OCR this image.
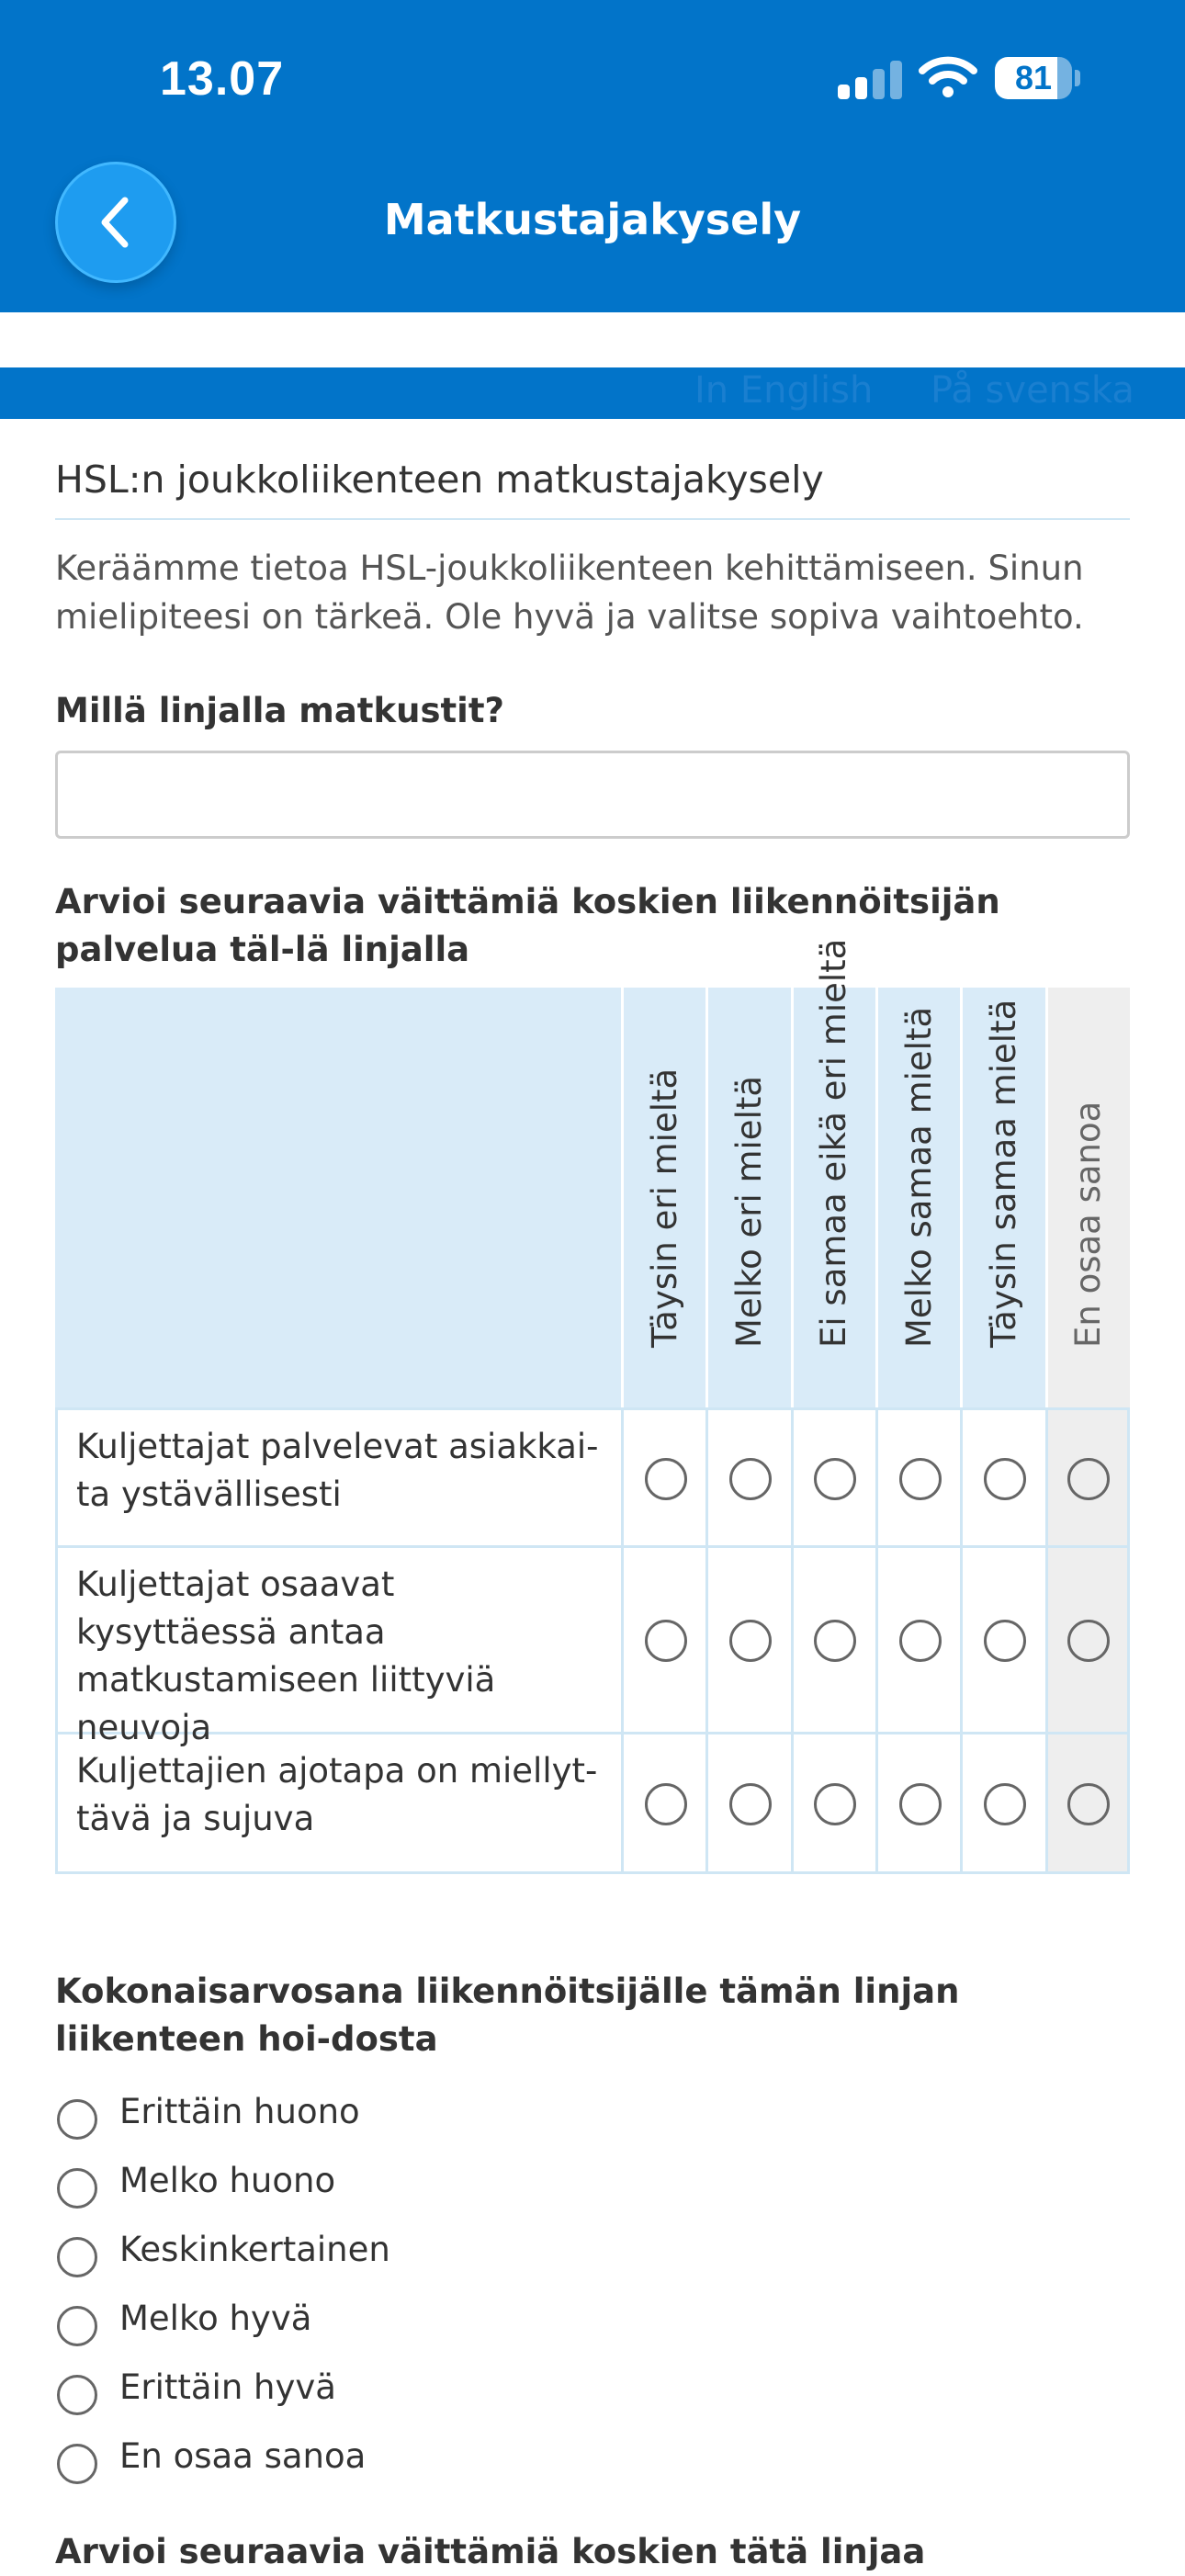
13.07	81
Matkustajakysely
In English På svenska
HSL:n joukkoliikenteen matkustajakysely
Keräämme tietoa HSL-joukkoliikenteen kehittämiseen. Sinun mielipiteesi on tärkeä. Ole hyvä ja valitse sopiva vaihtoehto.
Millä linjalla matkustit?
Arvioi seuraavia väittämiä koskien liikennöitsijän palvelua täl-lä linjalla
Täysin eri mieltä Melko eri mieltä Ei samaa eikä eri mieltä Melko samaa mieltä Täysin samaa mieltä En osaa sanoa
Kuljettajat palvelevat asiakkai-ta ystävällisesti
Kuljettajat osaavat kysyttäessä antaa matkustamiseen liittyviä neuvoja
Kuljettajien ajotapa on miellyt-tävä ja sujuva
Kokonaisarvosana liikennöitsijälle tämän linjan liikenteen hoi-dosta
Erittäin huono
Melko huono
Keskinkertainen
Melko hyvä
Erittäin hyvä
En osaa sanoa
Arvioi seuraavia väittämiä koskien tätä linjaa
